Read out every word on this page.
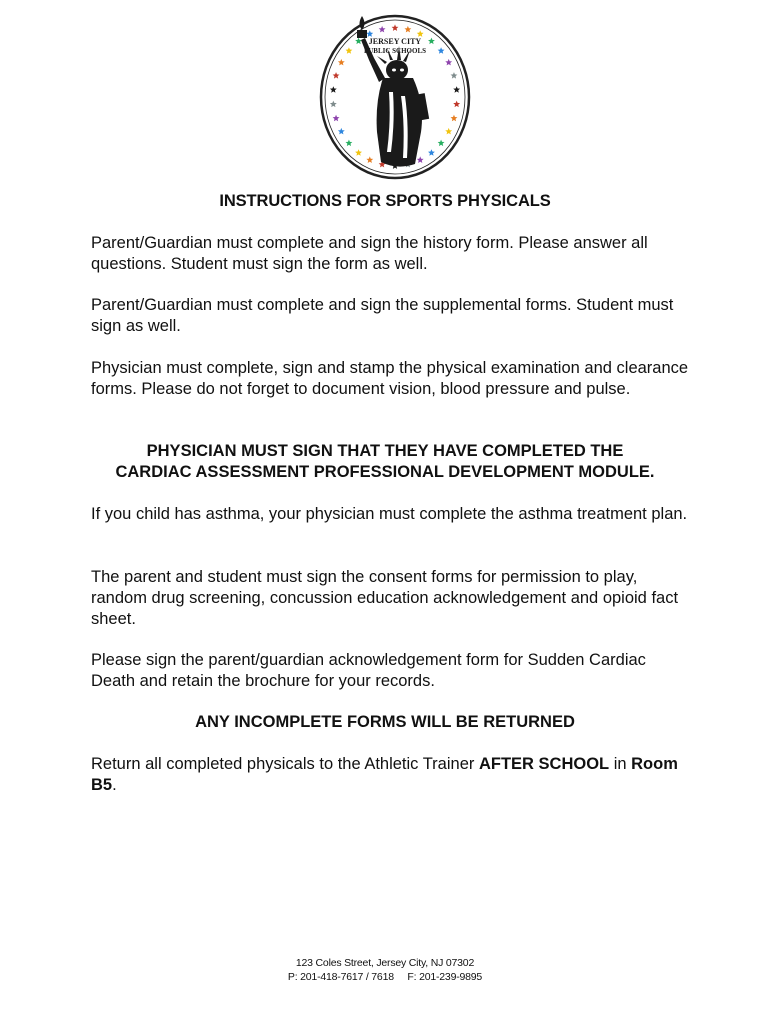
JERSEY CITY
PUBLIC SCHOOLS
INSTRUCTIONS FOR SPORTS PHYSICALS

Parent/Guardian must complete and sign the history form. Please answer all questions. Student must sign the form as well.

Parent/Guardian must complete and sign the supplemental forms. Student must sign as well.

Physician must complete, sign and stamp the physical examination and clearance forms. Please do not forget to document vision, blood pressure and pulse.

PHYSICIAN MUST SIGN THAT THEY HAVE COMPLETED THE

CARDIAC ASSESSMENT PROFESSIONAL DEVELOPMENT MODULE.

If you child has asthma, your physician must complete the asthma treatment plan.

The parent and student must sign the consent forms for permission to play, random drug screening, concussion education acknowledgement and opioid fact sheet.

Please sign the parent/guardian acknowledgement form for Sudden Cardiac Death and retain the brochure for your records.

ANY INCOMPLETE FORMS WILL BE RETURNED

Return all completed physicals to the Athletic Trainer AFTER SCHOOL in Room B5.

123 Coles Street, Jersey City, NJ 07302
P: 201-418-7617 / 7618     F: 201-239-9895
